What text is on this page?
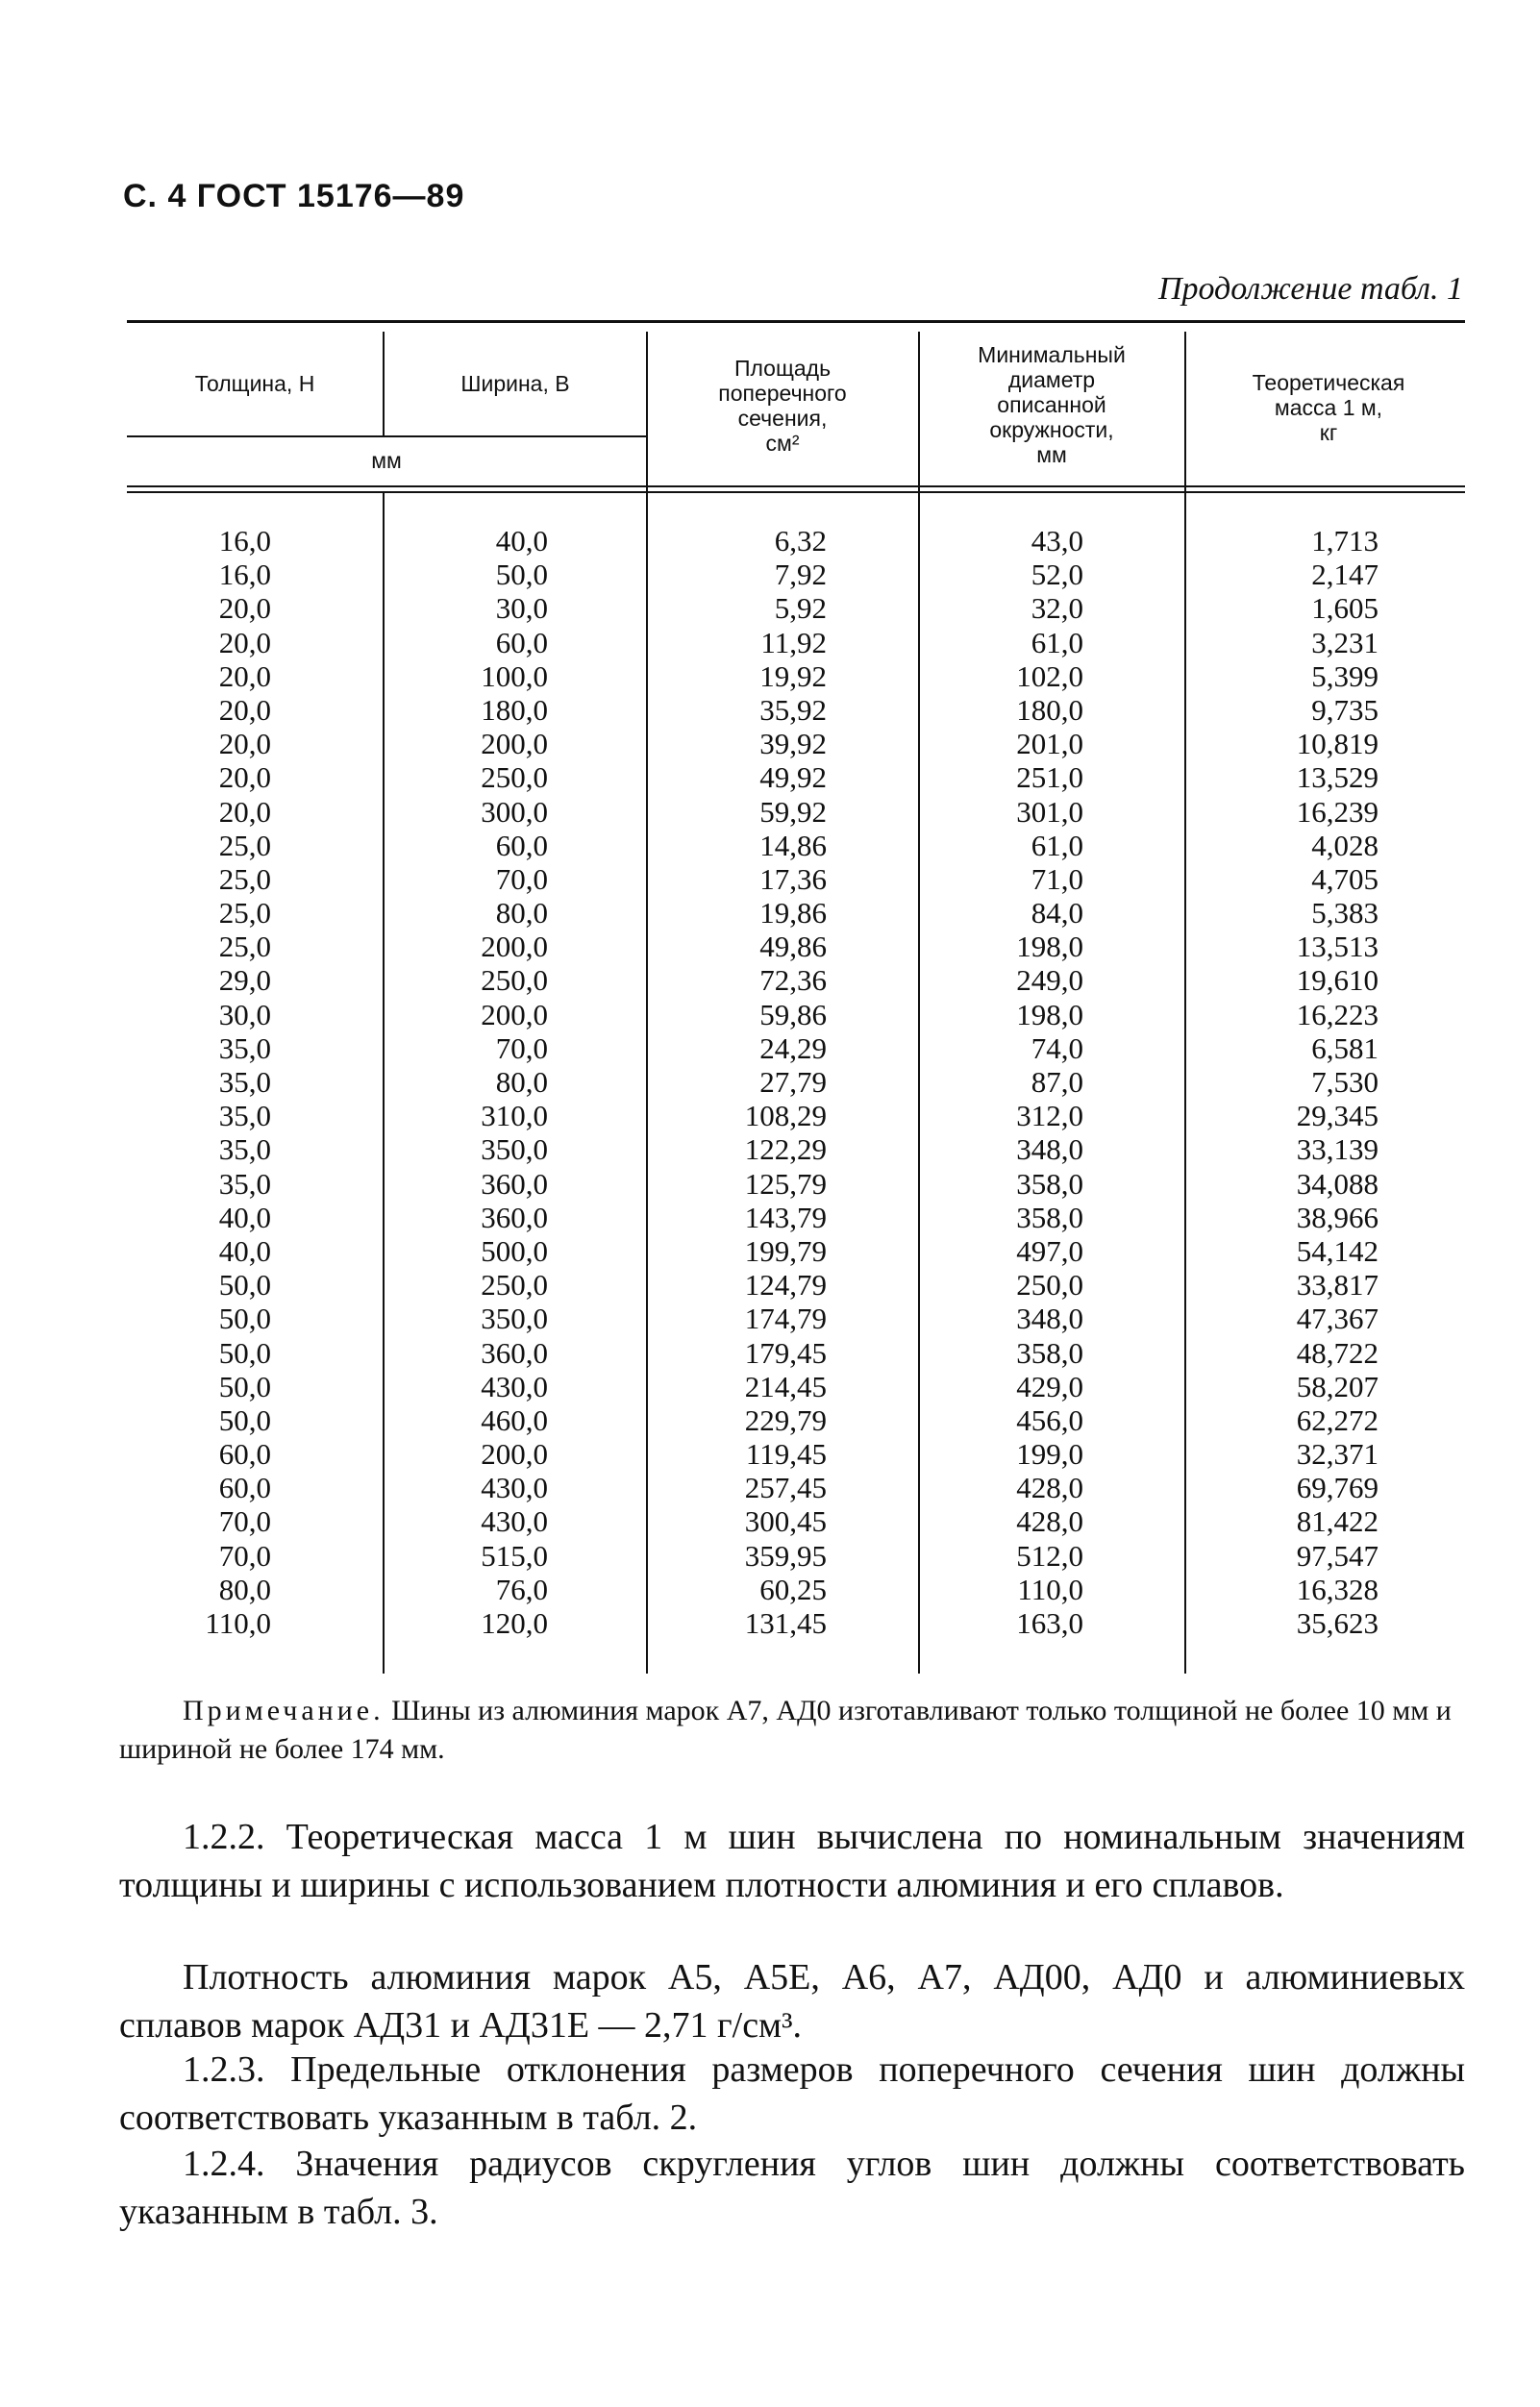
С. 4 ГОСТ 15176—89
Продолжение табл. 1
Толщина, Н	Ширина, В
мм
Площадь
поперечного
сечения,
см²
Минимальный
диаметр
описанной
окружности,
мм
Теоретическая
масса 1 м,
кг
16,0
16,0
20,0
20,0
20,0
20,0
20,0
20,0
20,0
25,0
25,0
25,0
25,0
29,0
30,0
35,0
35,0
35,0
35,0
35,0
40,0
40,0
50,0
50,0
50,0
50,0
50,0
60,0
60,0
70,0
70,0
80,0
110,0
40,0
50,0
30,0
60,0
100,0
180,0
200,0
250,0
300,0
60,0
70,0
80,0
200,0
250,0
200,0
70,0
80,0
310,0
350,0
360,0
360,0
500,0
250,0
350,0
360,0
430,0
460,0
200,0
430,0
430,0
515,0
76,0
120,0
6,32
7,92
5,92
11,92
19,92
35,92
39,92
49,92
59,92
14,86
17,36
19,86
49,86
72,36
59,86
24,29
27,79
108,29
122,29
125,79
143,79
199,79
124,79
174,79
179,45
214,45
229,79
119,45
257,45
300,45
359,95
60,25
131,45
43,0
52,0
32,0
61,0
102,0
180,0
201,0
251,0
301,0
61,0
71,0
84,0
198,0
249,0
198,0
74,0
87,0
312,0
348,0
358,0
358,0
497,0
250,0
348,0
358,0
429,0
456,0
199,0
428,0
428,0
512,0
110,0
163,0
1,713
2,147
1,605
3,231
5,399
9,735
10,819
13,529
16,239
4,028
4,705
5,383
13,513
19,610
16,223
6,581
7,530
29,345
33,139
34,088
38,966
54,142
33,817
47,367
48,722
58,207
62,272
32,371
69,769
81,422
97,547
16,328
35,623
Примечание. Шины из алюминия марок А7, АД0 изготавливают только толщиной не более 10 мм и шириной не более 174 мм.
1.2.2. Теоретическая масса 1 м шин вычислена по номинальным значениям толщины и ширины с использованием плотности алюминия и его сплавов.
Плотность алюминия марок А5, А5Е, А6, А7, АД00, АД0 и алюминиевых сплавов марок АД31 и АД31Е — 2,71 г/см³.
1.2.3. Предельные отклонения размеров поперечного сечения шин должны соответствовать указанным в табл. 2.
1.2.4. Значения радиусов скругления углов шин должны соответствовать указанным в табл. 3.
